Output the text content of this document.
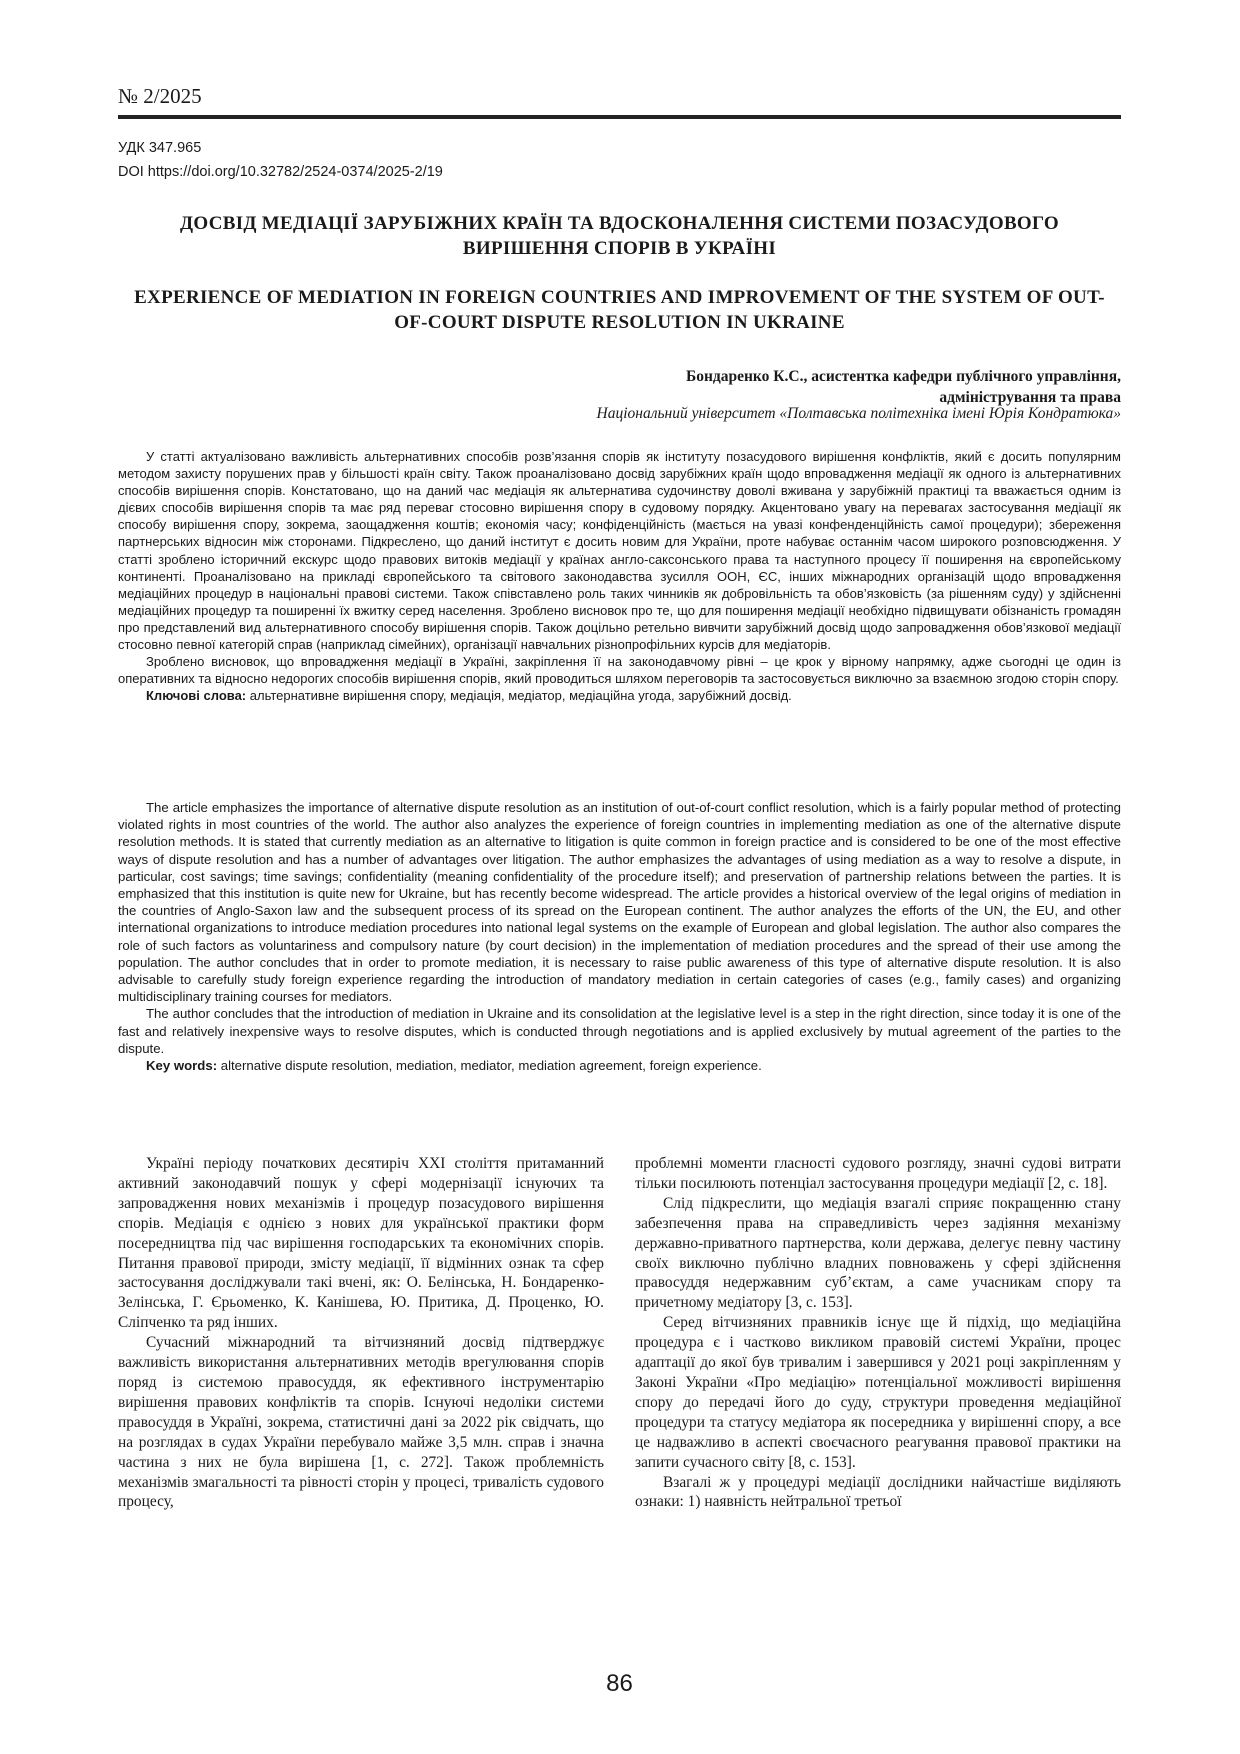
№ 2/2025
УДК 347.965
DOI https://doi.org/10.32782/2524-0374/2025-2/19
ДОСВІД МЕДІАЦІЇ ЗАРУБІЖНИХ КРАЇН ТА ВДОСКОНАЛЕННЯ СИСТЕМИ ПОЗАСУДОВОГО ВИРІШЕННЯ СПОРІВ В УКРАЇНІ
EXPERIENCE OF MEDIATION IN FOREIGN COUNTRIES AND IMPROVEMENT OF THE SYSTEM OF OUT-OF-COURT DISPUTE RESOLUTION IN UKRAINE
Бондаренко К.С., асистентка кафедри публічного управління,
адміністрування та права
Національний університет «Полтавська політехніка імені Юрія Кондратюка»

У статті актуалізовано важливість альтернативних способів розв’язання спорів як інституту позасудового вирішення конфліктів, який є досить популярним методом захисту порушених прав у більшості країн світу. Також проаналізовано досвід зарубіжних країн щодо впровадження медіації як одного із альтернативних способів вирішення спорів. Констатовано, що на даний час медіація як альтернатива судочинству доволі вживана у зарубіжній практиці та вважається одним із дієвих способів вирішення спорів та має ряд переваг стосовно вирішення спору в судовому порядку. Акцентовано увагу на перевагах застосування медіації як способу вирішення спору, зокрема, заощадження коштів; економія часу; конфіденційність (мається на увазі конфенденційність самої процедури); збереження партнерських відносин між сторонами. Підкреслено, що даний інститут є досить новим для України, проте набуває останнім часом широкого розповсюдження. У статті зроблено історичний екскурс щодо правових витоків медіації у країнах англо-саксонського права та наступного процесу її поширення на європейському континенті. Проаналізовано на прикладі європейського та світового законодавства зусилля ООН, ЄС, інших міжнародних організацій щодо впровадження медіаційних процедур в національні правові системи. Також співставлено роль таких чинників як добровільність та обов’язковість (за рішенням суду) у здійсненні медіаційних процедур та поширенні їх вжитку серед населення. Зроблено висновок про те, що для поширення медіації необхідно підвищувати обізнаність громадян про представлений вид альтернативного способу вирішення спорів. Також доцільно ретельно вивчити зарубіжний досвід щодо запровадження обов’язкової медіації стосовно певної категорій справ (наприклад сімейних), організації навчальних різнопрофільних курсів для медіаторів.

Зроблено висновок, що впровадження медіації в Україні, закріплення її на законодавчому рівні – це крок у вірному напрямку, адже сьогодні це один із оперативних та відносно недорогих способів вирішення спорів, який проводиться шляхом переговорів та застосовується виключно за взаємною згодою сторін спору.

Ключові слова: альтернативне вирішення спору, медіація, медіатор, медіаційна угода, зарубіжний досвід.

The article emphasizes the importance of alternative dispute resolution as an institution of out-of-court conflict resolution, which is a fairly popular method of protecting violated rights in most countries of the world. The author also analyzes the experience of foreign countries in implementing mediation as one of the alternative dispute resolution methods. It is stated that currently mediation as an alternative to litigation is quite common in foreign practice and is considered to be one of the most effective ways of dispute resolution and has a number of advantages over litigation. The author emphasizes the advantages of using mediation as a way to resolve a dispute, in particular, cost savings; time savings; confidentiality (meaning confidentiality of the procedure itself); and preservation of partnership relations between the parties. It is emphasized that this institution is quite new for Ukraine, but has recently become widespread. The article provides a historical overview of the legal origins of mediation in the countries of Anglo-Saxon law and the subsequent process of its spread on the European continent. The author analyzes the efforts of the UN, the EU, and other international organizations to introduce mediation procedures into national legal systems on the example of European and global legislation. The author also compares the role of such factors as voluntariness and compulsory nature (by court decision) in the implementation of mediation procedures and the spread of their use among the population. The author concludes that in order to promote mediation, it is necessary to raise public awareness of this type of alternative dispute resolution. It is also advisable to carefully study foreign experience regarding the introduction of mandatory mediation in certain categories of cases (e.g., family cases) and organizing multidisciplinary training courses for mediators.

The author concludes that the introduction of mediation in Ukraine and its consolidation at the legislative level is a step in the right direction, since today it is one of the fast and relatively inexpensive ways to resolve disputes, which is conducted through negotiations and is applied exclusively by mutual agreement of the parties to the dispute.

Key words: alternative dispute resolution, mediation, mediator, mediation agreement, foreign experience.

Україні періоду початкових десятиріч ХХІ століття притаманний активний законодавчий пошук у сфері модернізації існуючих та запровадження нових механізмів і процедур позасудового вирішення спорів. Медіація є однією з нових для української практики форм посередництва під час вирішення господарських та економічних спорів. Питання правової природи, змісту медіації, її відмінних ознак та сфер застосування досліджували такі вчені, як: О. Белінська, Н. Бондаренко-Зелінська, Г. Єрьоменко, К. Канішева, Ю. Притика, Д. Проценко, Ю. Сліпченко та ряд інших.

Сучасний міжнародний та вітчизняний досвід підтверджує важливість використання альтернативних методів врегулювання спорів поряд із системою правосуддя, як ефективного інструментарію вирішення правових конфліктів та спорів. Існуючі недоліки системи правосуддя в Україні, зокрема, статистичні дані за 2022 рік свідчать, що на розглядах в судах України перебувало майже 3,5 млн. справ і значна частина з них не була вирішена [1, с. 272]. Також проблемність механізмів змагальності та рівності сторін у процесі, тривалість судового процесу,

проблемні моменти гласності судового розгляду, значні судові витрати тільки посилюють потенціал застосування процедури медіації [2, с. 18].

Слід підкреслити, що медіація взагалі сприяє покращенню стану забезпечення права на справедливість через задіяння механізму державно-приватного партнерства, коли держава, делегує певну частину своїх виключно публічно владних повноважень у сфері здійснення правосуддя недержавним суб’єктам, а саме учасникам спору та причетному медіатору [3, с. 153].

Серед вітчизняних правників існує ще й підхід, що медіаційна процедура є і частково викликом правовій системі України, процес адаптації до якої був тривалим і завершився у 2021 році закріпленням у Законі України «Про медіацію» потенціальної можливості вирішення спору до передачі його до суду, структури проведення медіаційної процедури та статусу медіатора як посередника у вирішенні спору, а все це надважливо в аспекті своєчасного реагування правової практики на запити сучасного світу [8, с. 153].

Взагалі ж у процедурі медіації дослідники найчастіше виділяють ознаки: 1) наявність нейтральної третьої

86
